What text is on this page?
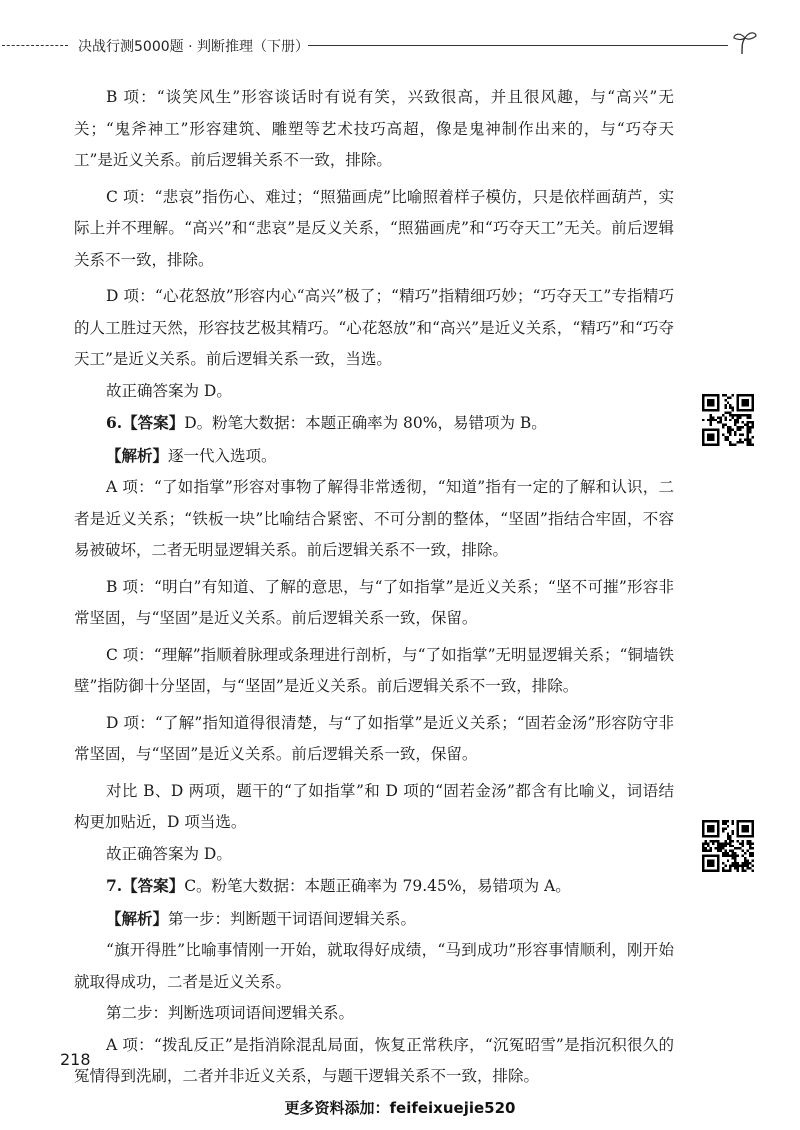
决战行测5000题 · 判断推理（下册）

B 项：“谈笑风生”形容谈话时有说有笑，兴致很高，并且很风趣，与“高兴”无关；“鬼斧神工”形容建筑、雕塑等艺术技巧高超，像是鬼神制作出来的，与“巧夺天工”是近义关系。前后逻辑关系不一致，排除。

C 项：“悲哀”指伤心、难过；“照猫画虎”比喻照着样子模仿，只是依样画葫芦，实际上并不理解。“高兴”和“悲哀”是反义关系，“照猫画虎”和“巧夺天工”无关。前后逻辑关系不一致，排除。

D 项：“心花怒放”形容内心“高兴”极了；“精巧”指精细巧妙；“巧夺天工”专指精巧的人工胜过天然，形容技艺极其精巧。“心花怒放”和“高兴”是近义关系，“精巧”和“巧夺天工”是近义关系。前后逻辑关系一致，当选。

故正确答案为 D。

6.【答案】D。粉笔大数据：本题正确率为 80%，易错项为 B。

【解析】逐一代入选项。

A 项：“了如指掌”形容对事物了解得非常透彻，“知道”指有一定的了解和认识，二者是近义关系；“铁板一块”比喻结合紧密、不可分割的整体，“坚固”指结合牢固，不容易被破坏，二者无明显逻辑关系。前后逻辑关系不一致，排除。

B 项：“明白”有知道、了解的意思，与“了如指掌”是近义关系；“坚不可摧”形容非常坚固，与“坚固”是近义关系。前后逻辑关系一致，保留。

C 项：“理解”指顺着脉理或条理进行剖析，与“了如指掌”无明显逻辑关系；“铜墙铁壁”指防御十分坚固，与“坚固”是近义关系。前后逻辑关系不一致，排除。

D 项：“了解”指知道得很清楚，与“了如指掌”是近义关系；“固若金汤”形容防守非常坚固，与“坚固”是近义关系。前后逻辑关系一致，保留。

对比 B、D 两项，题干的“了如指掌”和 D 项的“固若金汤”都含有比喻义，词语结构更加贴近，D 项当选。

故正确答案为 D。

7.【答案】C。粉笔大数据：本题正确率为 79.45%，易错项为 A。

【解析】第一步：判断题干词语间逻辑关系。

“旗开得胜”比喻事情刚一开始，就取得好成绩，“马到成功”形容事情顺利，刚开始就取得成功，二者是近义关系。

第二步：判断选项词语间逻辑关系。

A 项：“拨乱反正”是指消除混乱局面，恢复正常秩序，“沉冤昭雪”是指沉积很久的冤情得到洗刷，二者并非近义关系，与题干逻辑关系不一致，排除。

218
更多资料添加：feifeixuejie520
